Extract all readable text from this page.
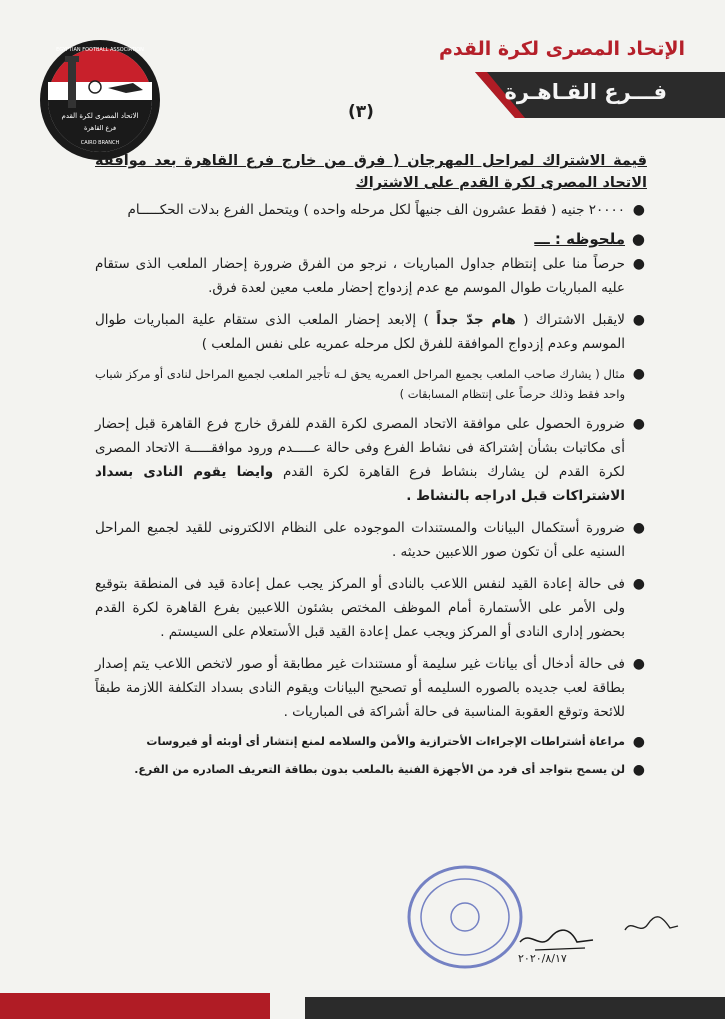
EGYPTIAN FOOTBALL ASSOCIATION
الاتحاد المصرى لكرة القدم
فرع القاهرة
CAIRO BRANCH
الإتحاد المصرى لكرة القدم
فـــرع القـاهـرة
(٣)

قيمة الاشتراك لمراحل المهرجان ( فرق من خارج فرع القاهرة بعد موافقة الاتحاد المصرى لكرة القدم على الاشتراك

●
٢٠٠٠٠ جنيه ( فقط عشرون الف جنيهاً لكل مرحله واحده ) ويتحمل الفرع بدلات الحكـــــام
●
ملحوظه : ـــ
●
حرصاً منا على إنتظام جداول المباريات ، نرجو من الفرق ضرورة إحضار الملعب الذى ستقام عليه المباريات طوال الموسم مع عدم إزدواج إحضار ملعب معين لعدة فرق.
●
لايقبل الاشتراك ( هام جدّ جداً ) إلابعد إحضار الملعب الذى ستقام علية المباريات طوال الموسم وعدم إزدواج الموافقة للفرق لكل مرحله عمريه على نفس الملعب )
●
مثال ( يشارك صاحب الملعب بجميع المراحل العمريه يحق لـه تأجير الملعب لجميع المراحل لنادى أو مركز شباب واحد فقط وذلك حرصاً على إنتظام المسابقات )
●
ضرورة الحصول على موافقة الاتحاد المصرى لكرة القدم للفرق خارج فرع القاهرة قبل إحضار أى مكاتبات بشأن إشتراكة فى نشاط الفرع وفى حالة عـــــدم ورود موافقـــــة الاتحاد المصرى لكرة القدم لن يشارك بنشاط فرع القاهرة لكرة القدم وايضا يقوم النادى بسداد الاشتراكات قبل ادراجه بالنشاط .
●
ضرورة أستكمال البيانات والمستندات الموجوده على النظام الالكترونى للقيد لجميع المراحل السنيه على أن تكون صور اللاعبين حديثه .
●
فى حالة إعادة القيد لنفس اللاعب بالنادى أو المركز يجب عمل إعادة قيد فى المنطقة بتوقيع ولى الأمر على الأستمارة أمام الموظف المختص بشئون اللاعبين بفرع القاهرة لكرة القدم بحضور إدارى النادى أو المركز ويجب عمل إعادة القيد قبل الأستعلام على السيستم .
●
فى حالة أدخال أى بيانات غير سليمة أو مستندات غير مطابقة أو صور لاتخص اللاعب يتم إصدار بطاقة لعب جديده بالصوره السليمه أو تصحيح البيانات ويقوم النادى بسداد التكلفة اللازمة طبقاً للائحة وتوقع العقوبة المناسبة فى حالة أشراكة فى المباريات .
●
مراعاة أشتراطات الإجراءات الأحترازية والأمن والسلامه لمنع إنتشار أى أوبئه أو فيروسات
●
لن يسمح بتواجد أى فرد من الأجهزة الفنية بالملعب بدون بطاقة التعريف الصادره من الفرع.
٢٠٢٠/٨/١٧
